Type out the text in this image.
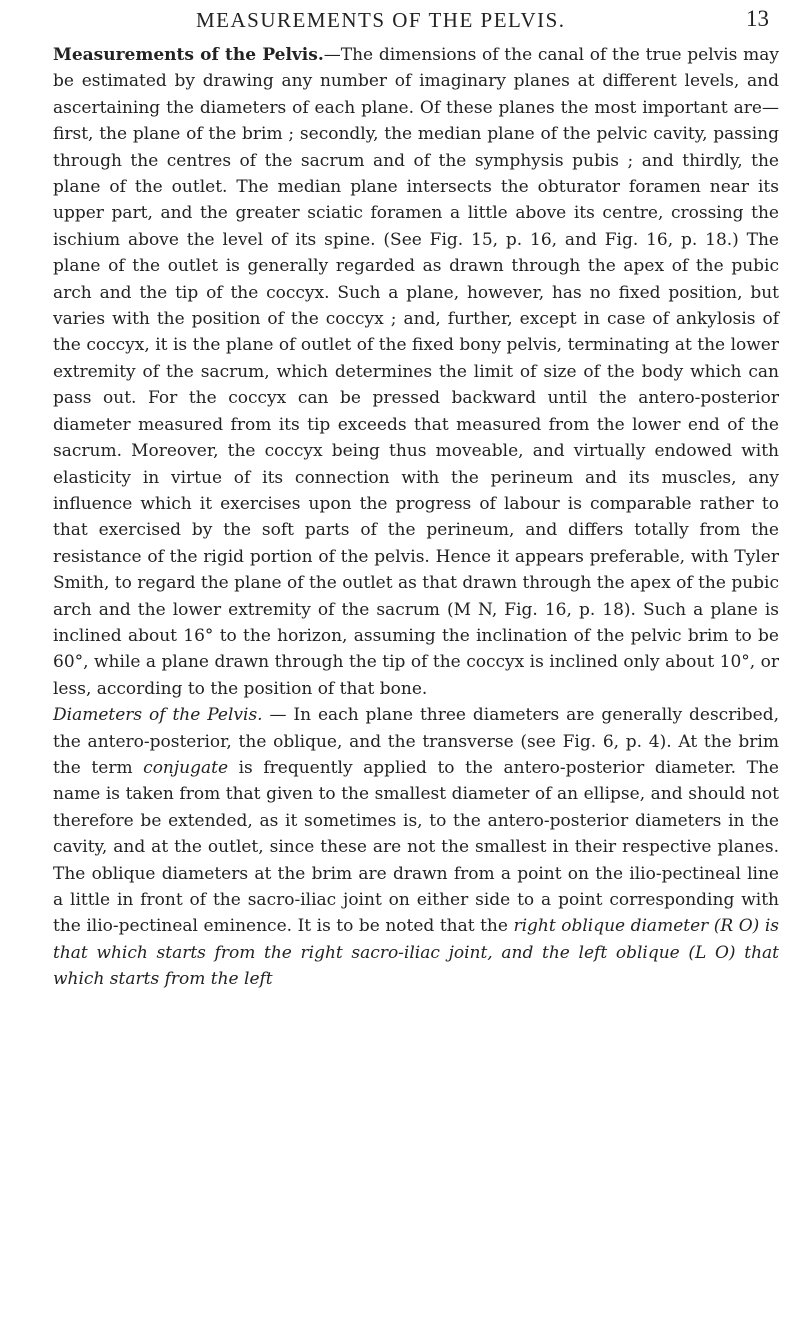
MEASUREMENTS OF THE PELVIS.	13

Measurements of the Pelvis.—The dimensions of the canal of the true pelvis may be estimated by drawing any number of imaginary planes at different levels, and ascertaining the diameters of each plane. Of these planes the most important are—first, the plane of the brim ; secondly, the median plane of the pelvic cavity, passing through the centres of the sacrum and of the symphysis pubis ; and thirdly, the plane of the outlet. The median plane intersects the obturator foramen near its upper part, and the greater sciatic foramen a little above its centre, crossing the ischium above the level of its spine. (See Fig. 15, p. 16, and Fig. 16, p. 18.) The plane of the outlet is generally regarded as drawn through the apex of the pubic arch and the tip of the coccyx. Such a plane, however, has no fixed position, but varies with the position of the coccyx ; and, further, except in case of ankylosis of the coccyx, it is the plane of outlet of the fixed bony pelvis, terminating at the lower extremity of the sacrum, which determines the limit of size of the body which can pass out. For the coccyx can be pressed backward until the antero-posterior diameter measured from its tip exceeds that measured from the lower end of the sacrum. Moreover, the coccyx being thus moveable, and virtually endowed with elasticity in virtue of its connection with the perineum and its muscles, any influence which it exercises upon the progress of labour is comparable rather to that exercised by the soft parts of the perineum, and differs totally from the resistance of the rigid portion of the pelvis. Hence it appears preferable, with Tyler Smith, to regard the plane of the outlet as that drawn through the apex of the pubic arch and the lower extremity of the sacrum (M N, Fig. 16, p. 18). Such a plane is inclined about 16° to the horizon, assuming the inclination of the pelvic brim to be 60°, while a plane drawn through the tip of the coccyx is inclined only about 10°, or less, according to the position of that bone.

Diameters of the Pelvis. — In each plane three diameters are generally described, the antero-posterior, the oblique, and the transverse (see Fig. 6, p. 4). At the brim the term conjugate is frequently applied to the antero-posterior diameter. The name is taken from that given to the smallest diameter of an ellipse, and should not therefore be extended, as it sometimes is, to the antero-posterior diameters in the cavity, and at the outlet, since these are not the smallest in their respective planes. The oblique diameters at the brim are drawn from a point on the ilio-pectineal line a little in front of the sacro-iliac joint on either side to a point corresponding with the ilio-pectineal eminence. It is to be noted that the right oblique diameter (R O) is that which starts from the right sacro-iliac joint, and the left oblique (L O) that which starts from the left
